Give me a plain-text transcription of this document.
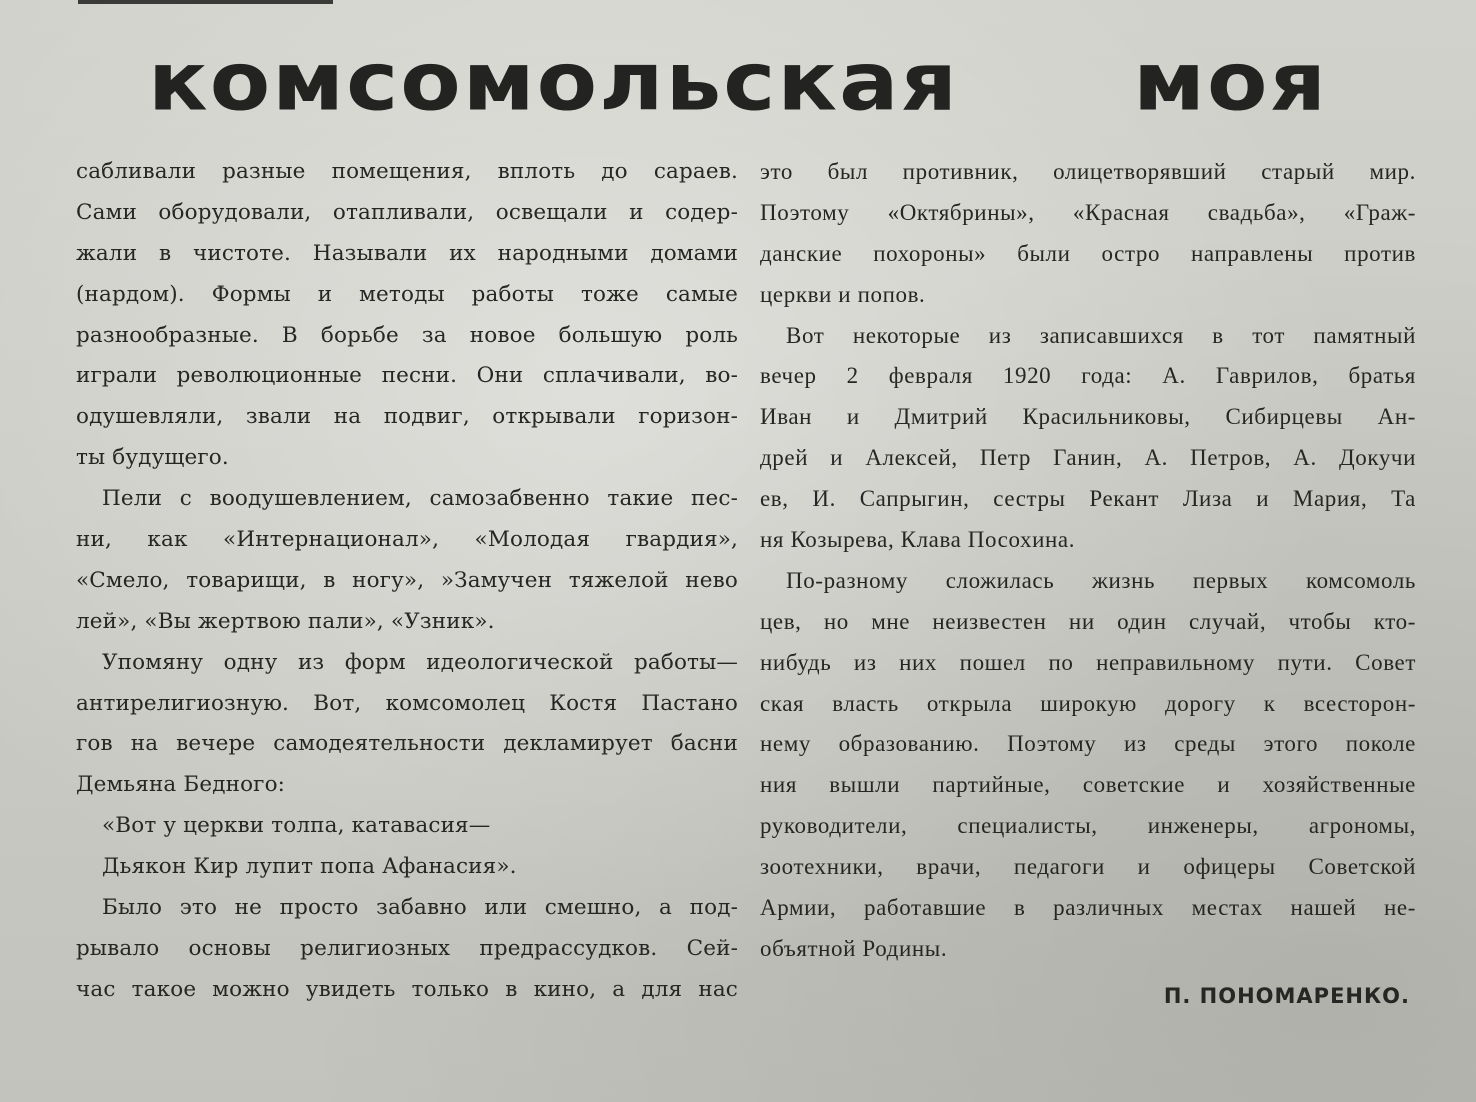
комсомольская моя
сабливали разные помещения, вплоть до сараев.
Сами оборудовали, отапливали, освещали и содер-
жали в чистоте. Называли их народными домами
(нардом). Формы и методы работы тоже самые
разнообразные. В борьбе за новое большую роль
играли революционные песни. Они сплачивали, во-
одушевляли, звали на подвиг, открывали горизон-
ты будущего.
Пели с воодушевлением, самозабвенно такие пес-
ни, как «Интернационал», «Молодая гвардия»,
«Смело, товарищи, в ногу», »Замучен тяжелой нево
лей», «Вы жертвою пали», «Узник».
Упомяну одну из форм идеологической работы—
антирелигиозную. Вот, комсомолец Костя Пастано
гов на вечере самодеятельности декламирует басни
Демьяна Бедного:
«Вот у церкви толпа, катавасия—
Дьякон Кир лупит попа Афанасия».
Было это не просто забавно или смешно, а под-
рывало основы религиозных предрассудков. Сей-
час такое можно увидеть только в кино, а для нас
это был противник, олицетворявший старый мир.
Поэтому «Октябрины», «Красная свадьба», «Граж-
данские похороны» были остро направлены против
церкви и попов.
Вот некоторые из записавшихся в тот памятный
вечер 2 февраля 1920 года: А. Гаврилов, братья
Иван и Дмитрий Красильниковы, Сибирцевы Ан-
дрей и Алексей, Петр Ганин, А. Петров, А. Докучи
ев, И. Сапрыгин, сестры Рекант Лиза и Мария, Та
ня Козырева, Клава Посохина.
По-разному сложилась жизнь первых комсомоль
цев, но мне неизвестен ни один случай, чтобы кто-
нибудь из них пошел по неправильному пути. Совет
ская власть открыла широкую дорогу к всесторон-
нему образованию. Поэтому из среды этого поколе
ния вышли партийные, советские и хозяйственные
руководители, специалисты, инженеры, агрономы,
зоотехники, врачи, педагоги и офицеры Советской
Армии, работавшие в различных местах нашей не-
объятной Родины.
П. ПОНОМАРЕНКО.
